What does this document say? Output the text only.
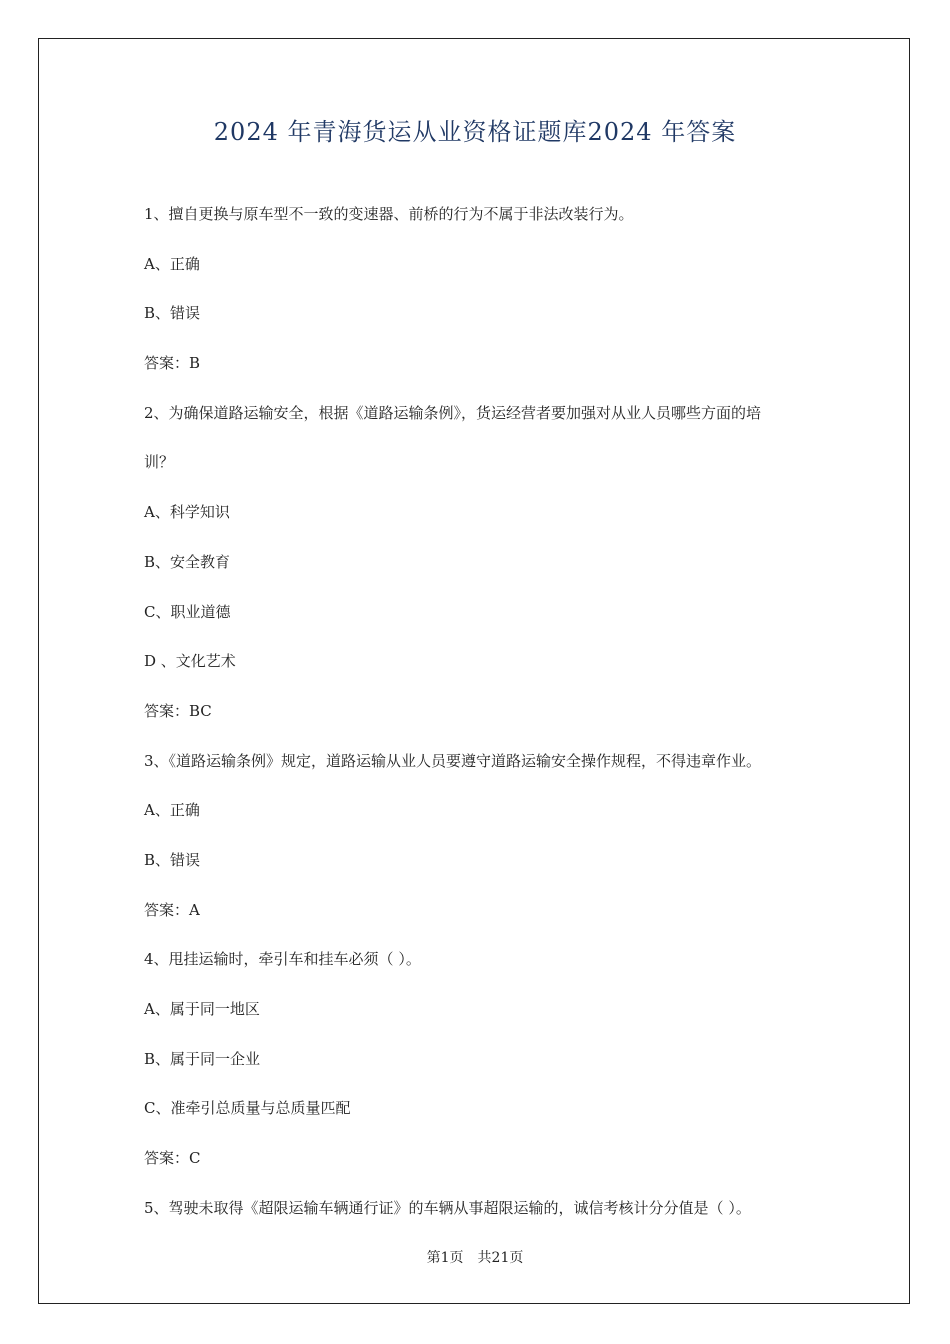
2024 年青海货运从业资格证题库2024 年答案
1、擅自更换与原车型不一致的变速器、前桥的行为不属于非法改装行为。
A、正确
B、错误
答案：B
2、为确保道路运输安全，根据《道路运输条例》，货运经营者要加强对从业人员哪些方面的培
训？
A、科学知识
B、安全教育
C、职业道德
D 、文化艺术
答案：BC
3、《道路运输条例》规定，道路运输从业人员要遵守道路运输安全操作规程，不得违章作业。
A、正确
B、错误
答案：A
4、甩挂运输时，牵引车和挂车必须（ ）。
A、属于同一地区
B、属于同一企业
C、准牵引总质量与总质量匹配
答案：C
5、驾驶未取得《超限运输车辆通行证》的车辆从事超限运输的，诚信考核计分分值是（ ）。
第1页 共21页
